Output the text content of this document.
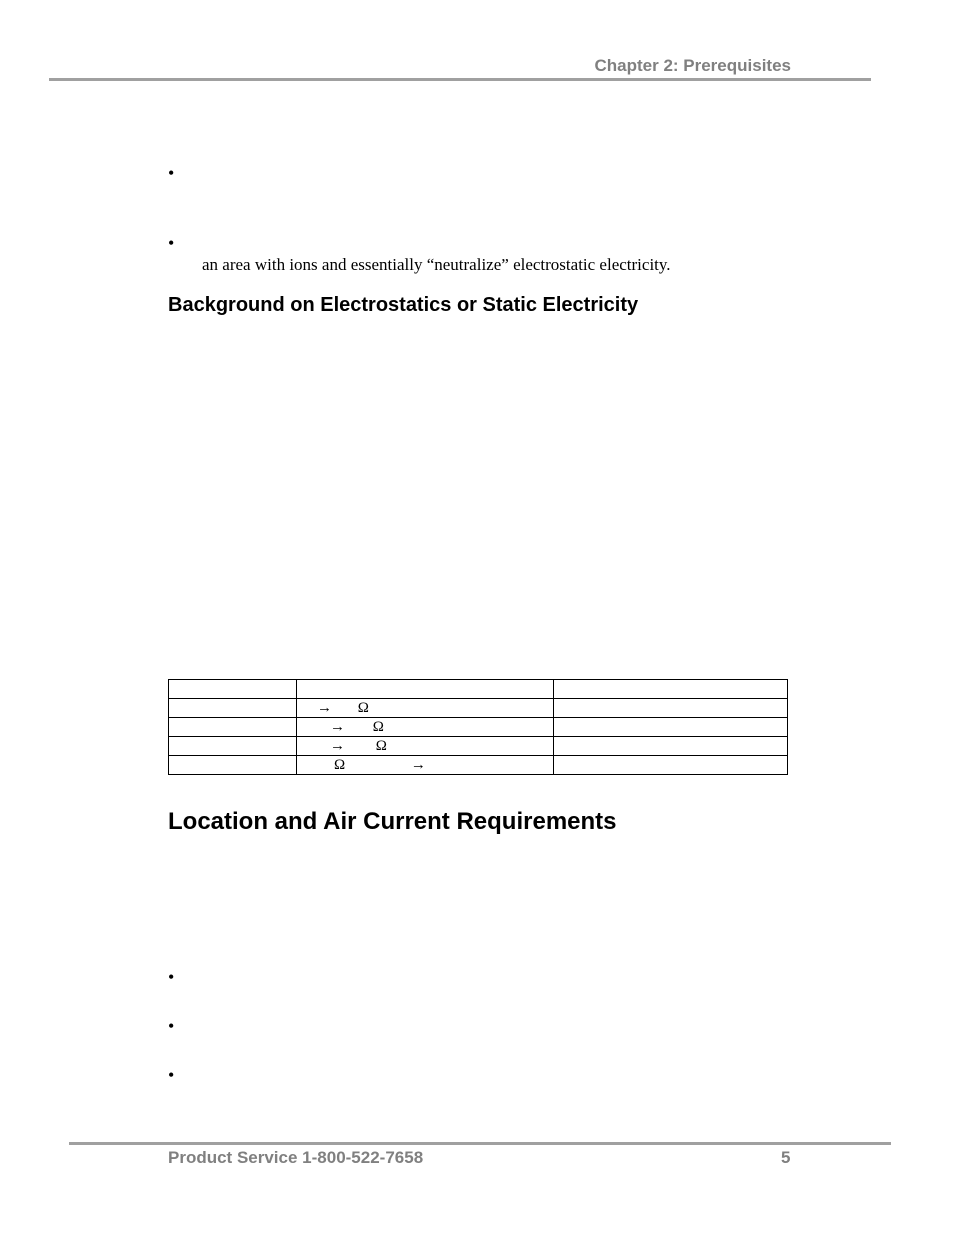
Chapter 2: Prerequisites
•
•
an area with ions and essentially “neutralize” electrostatic electricity.
Background on Electrostatics or Static Electricity

	→ Ω	
	→ Ω	
	→ Ω	
	Ω →	
Location and Air Current Requirements
•
•
•
Product Service 1-800-522-7658	5
